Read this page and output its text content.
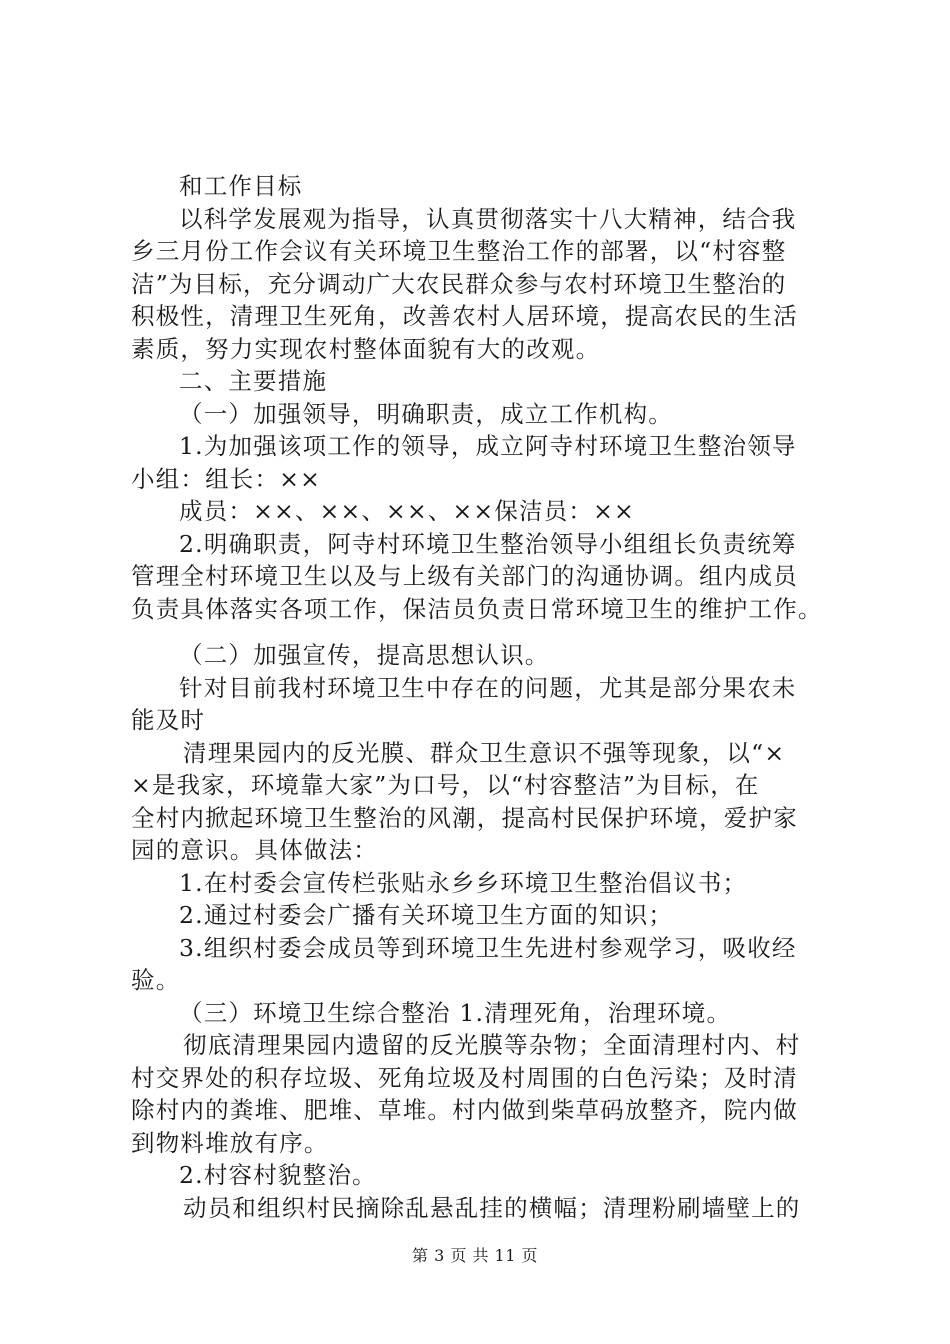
和工作目标
以科学发展观为指导，认真贯彻落实十八大精神，结合我
乡三月份工作会议有关环境卫生整治工作的部署，以“村容整
洁”为目标，充分调动广大农民群众参与农村环境卫生整治的
积极性，清理卫生死角，改善农村人居环境，提高农民的生活
素质，努力实现农村整体面貌有大的改观。
二、主要措施
（一）加强领导，明确职责，成立工作机构。
1.为加强该项工作的领导，成立阿寺村环境卫生整治领导
小组：组长：××
成员：××、××、××、××保洁员：××
2.明确职责，阿寺村环境卫生整治领导小组组长负责统筹
管理全村环境卫生以及与上级有关部门的沟通协调。组内成员
负责具体落实各项工作，保洁员负责日常环境卫生的维护工作。
（二）加强宣传，提高思想认识。
针对目前我村环境卫生中存在的问题，尤其是部分果农未
能及时
清理果园内的反光膜、群众卫生意识不强等现象，以“×
×是我家，环境靠大家”为口号，以“村容整洁”为目标，在
全村内掀起环境卫生整治的风潮，提高村民保护环境，爱护家
园的意识。具体做法：
1.在村委会宣传栏张贴永乡乡环境卫生整治倡议书；
2.通过村委会广播有关环境卫生方面的知识；
3.组织村委会成员等到环境卫生先进村参观学习，吸收经
验。
（三）环境卫生综合整治 1.清理死角，治理环境。
彻底清理果园内遗留的反光膜等杂物；全面清理村内、村
村交界处的积存垃圾、死角垃圾及村周围的白色污染；及时清
除村内的粪堆、肥堆、草堆。村内做到柴草码放整齐，院内做
到物料堆放有序。
2.村容村貌整治。
动员和组织村民摘除乱悬乱挂的横幅；清理粉刷墙壁上的
第 3 页 共 11 页
